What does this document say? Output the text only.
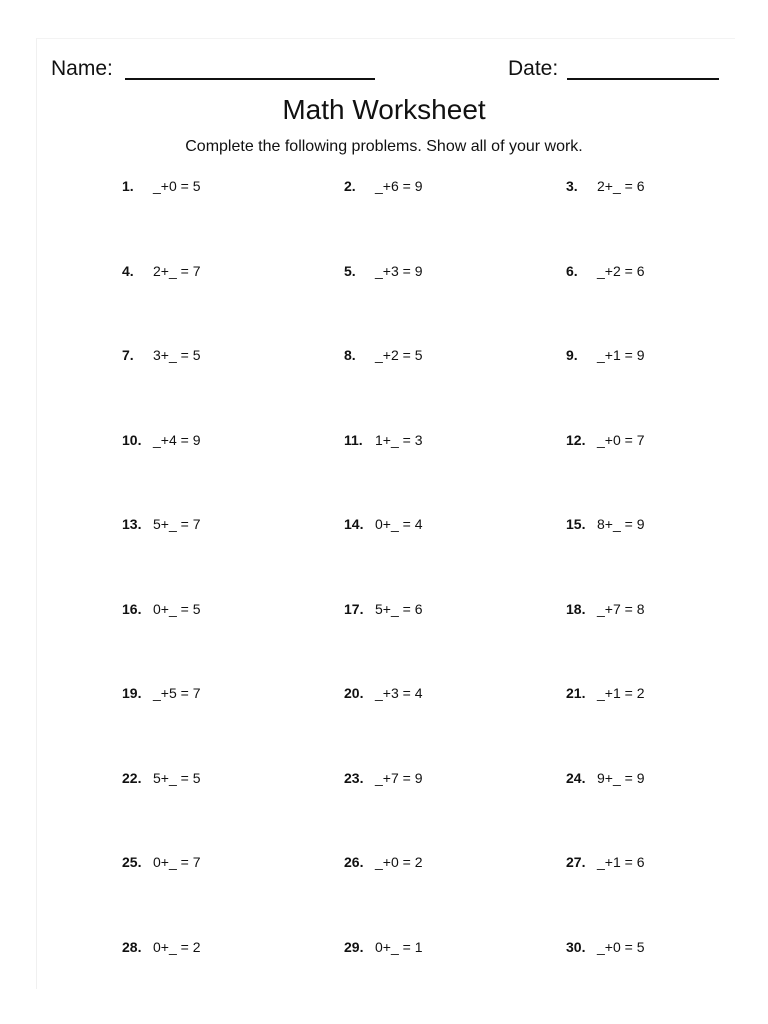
Name:	Date:
Math Worksheet
Complete the following problems. Show all of your work.
1.	_+0 = 5	2.	_+6 = 9	3.	2+_ = 6
4.	2+_ = 7	5.	_+3 = 9	6.	_+2 = 6
7.	3+_ = 5	8.	_+2 = 5	9.	_+1 = 9
10. _+4 = 9	11. 1+_ = 3	12. _+0 = 7
13. 5+_ = 7	14. 0+_ = 4	15. 8+_ = 9
16. 0+_ = 5	17. 5+_ = 6	18. _+7 = 8
19. _+5 = 7	20. _+3 = 4	21. _+1 = 2
22. 5+_ = 5	23. _+7 = 9	24. 9+_ = 9
25. 0+_ = 7	26. _+0 = 2	27. _+1 = 6
28. 0+_ = 2	29. 0+_ = 1	30. _+0 = 5
